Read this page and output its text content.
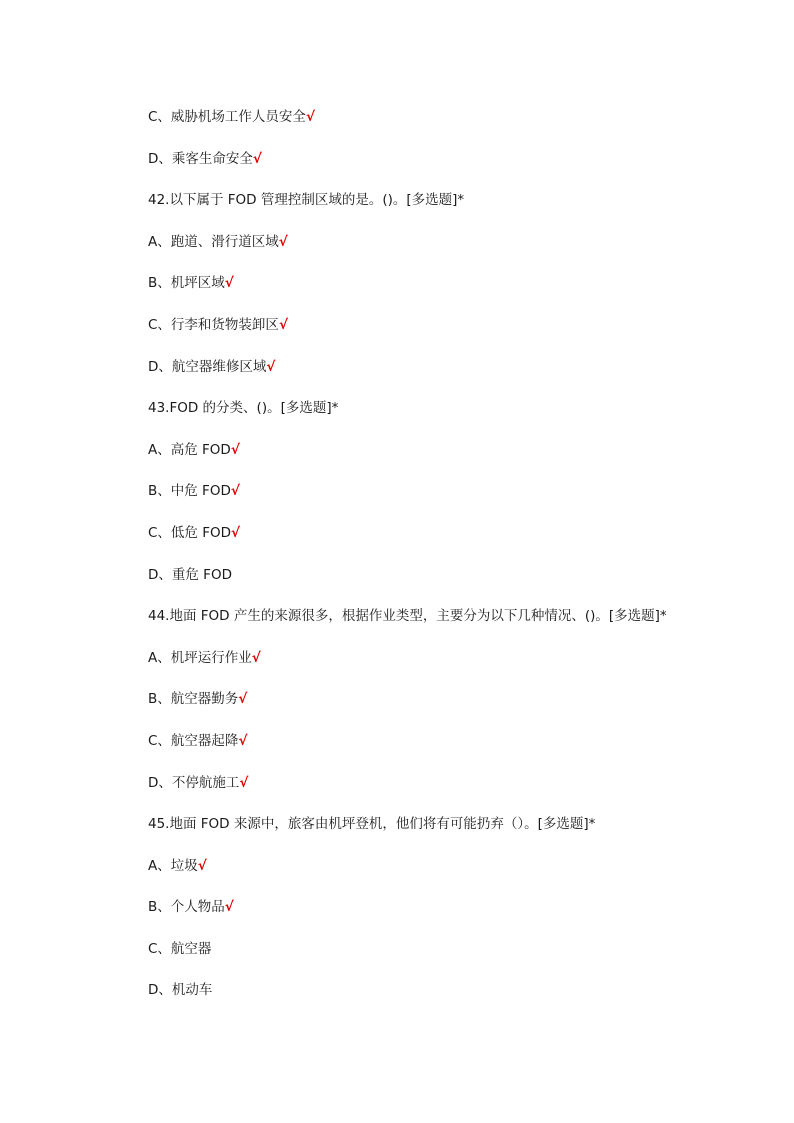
C、威胁机场工作人员安全√
D、乘客生命安全√
42.以下属于 FOD 管理控制区域的是。()。[多选题]*
A、跑道、滑行道区域√
B、机坪区域√
C、行李和货物装卸区√
D、航空器维修区域√
43.FOD 的分类、()。[多选题]*
A、高危 FOD√
B、中危 FOD√
C、低危 FOD√
D、重危 FOD
44.地面 FOD 产生的来源很多，根据作业类型，主要分为以下几种情况、()。[多选题]*
A、机坪运行作业√
B、航空器勤务√
C、航空器起降√
D、不停航施工√
45.地面 FOD 来源中，旅客由机坪登机，他们将有可能扔弃（）。[多选题]*
A、垃圾√
B、个人物品√
C、航空器
D、机动车
